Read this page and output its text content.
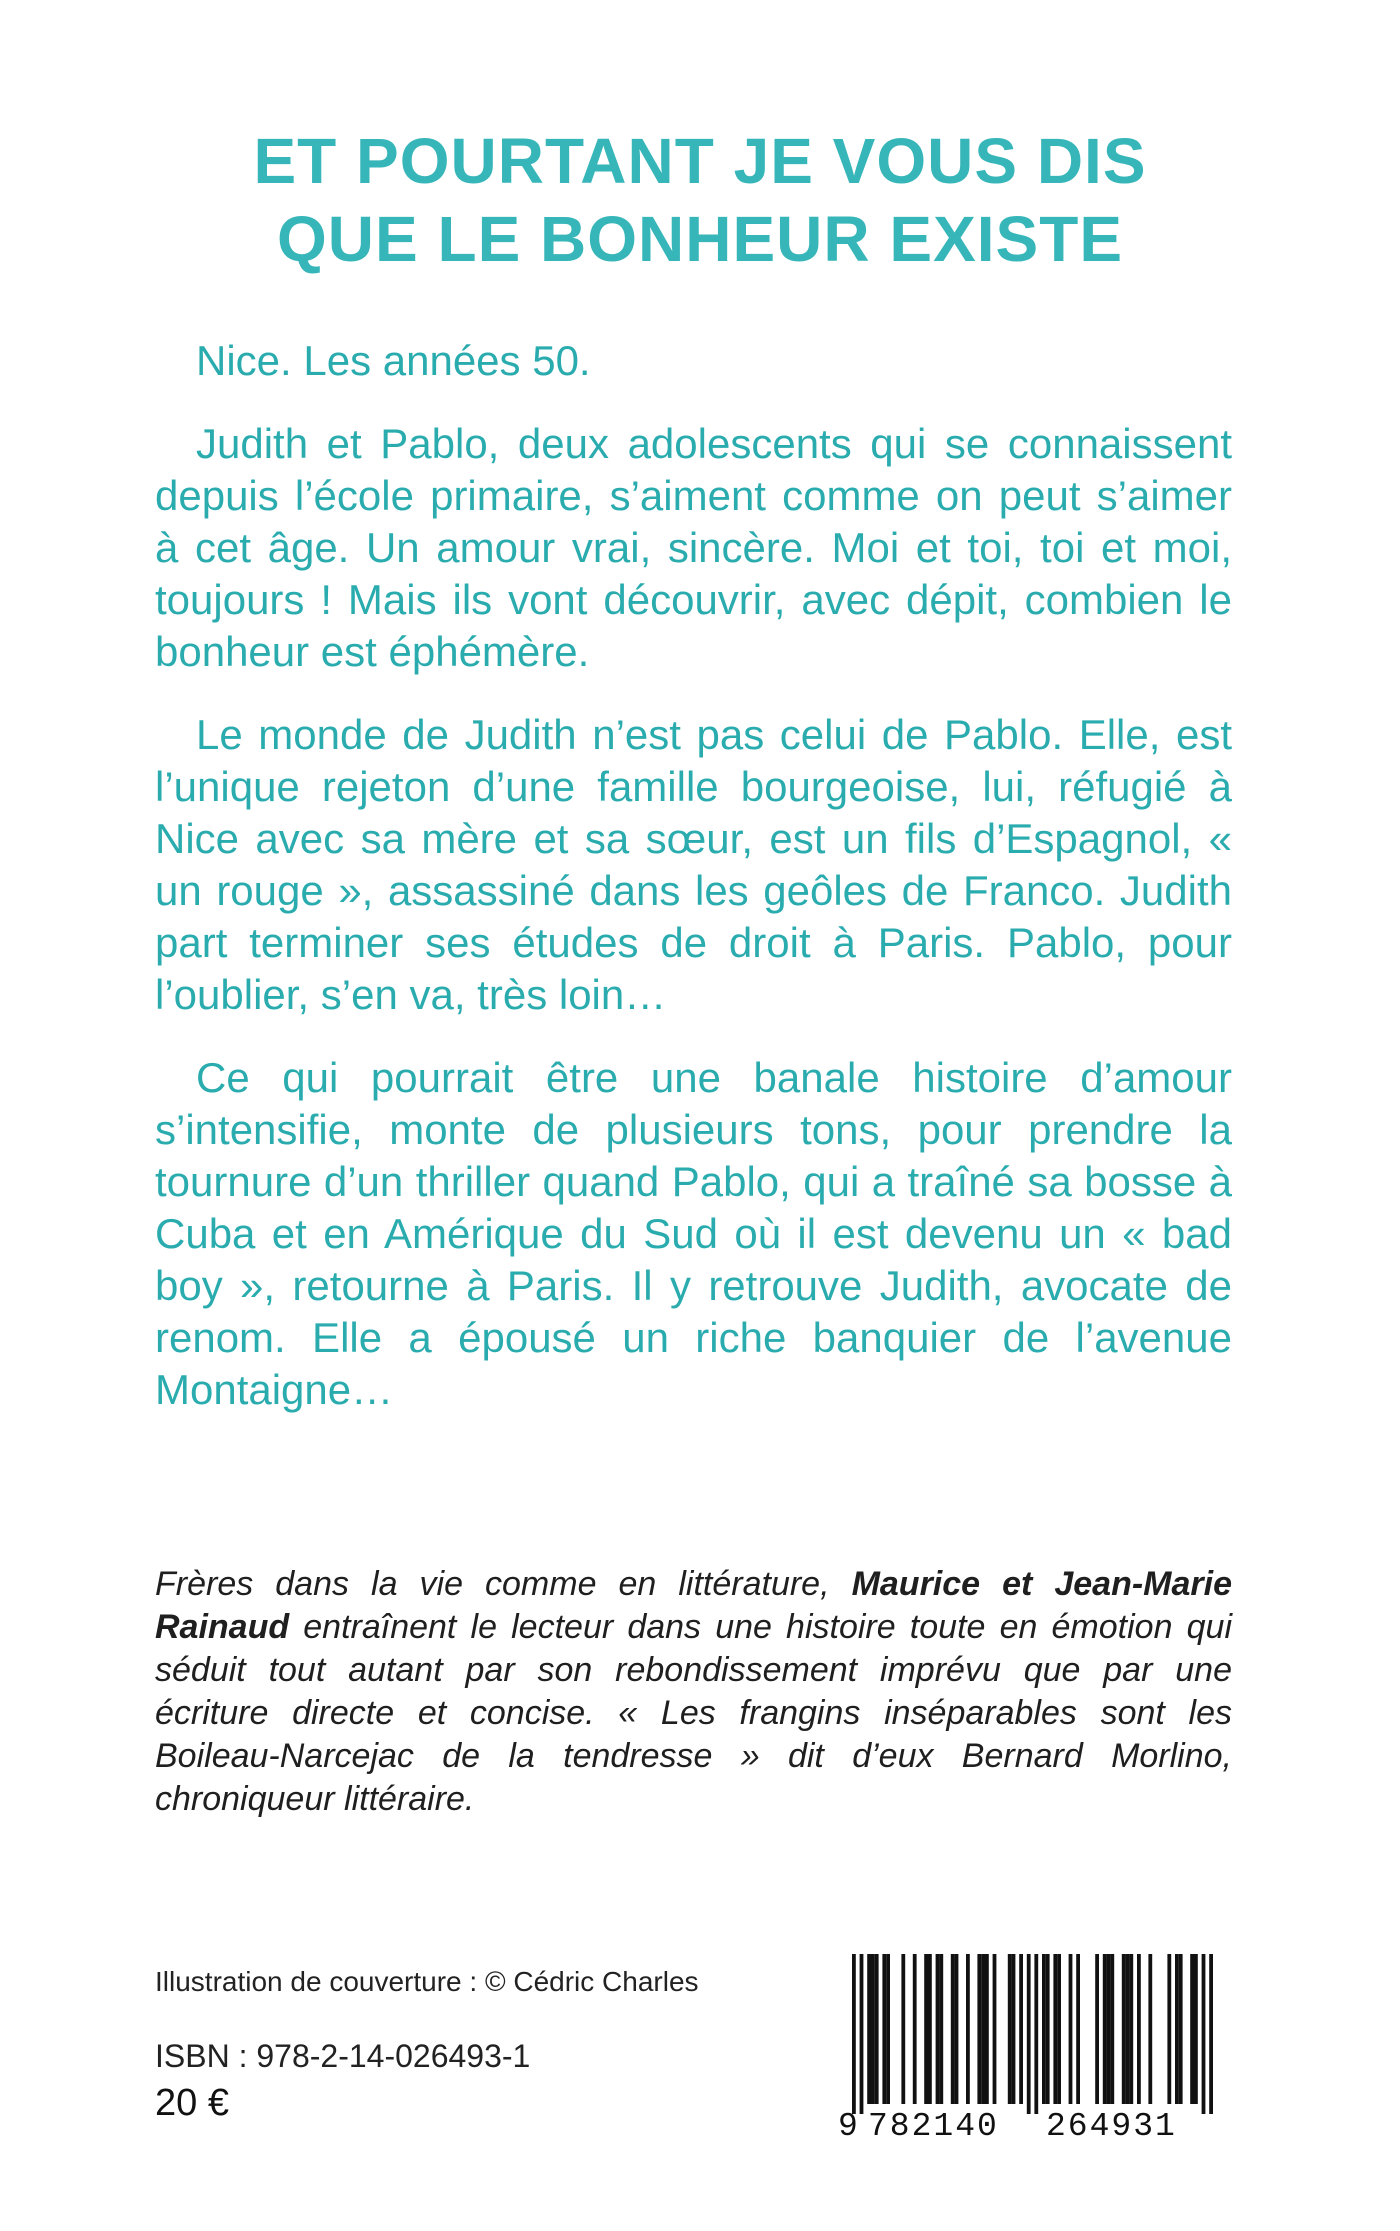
ET POURTANT JE VOUS DIS
QUE LE BONHEUR EXISTE

Nice. Les années 50.

Judith et Pablo, deux adolescents qui se connaissent depuis l’école primaire, s’aiment comme on peut s’aimer à cet âge. Un amour vrai, sincère. Moi et toi, toi et moi, toujours ! Mais ils vont découvrir, avec dépit, combien le bonheur est éphémère.

Le monde de Judith n’est pas celui de Pablo. Elle, est l’unique rejeton d’une famille bourgeoise, lui, réfugié à Nice avec sa mère et sa sœur, est un fils d’Espagnol, « un rouge », assassiné dans les geôles de Franco. Judith part terminer ses études de droit à Paris. Pablo, pour l’oublier, s’en va, très loin…

Ce qui pourrait être une banale histoire d’amour s’intensifie, monte de plusieurs tons, pour prendre la tournure d’un thriller quand Pablo, qui a traîné sa bosse à Cuba et en Amérique du Sud où il est devenu un « bad boy », retourne à Paris. Il y retrouve Judith, avocate de renom. Elle a épousé un riche banquier de l’avenue Montaigne…

Frères dans la vie comme en littérature, Maurice et Jean-Marie Rainaud entraînent le lecteur dans une histoire toute en émotion qui séduit tout autant par son rebondissement imprévu que par une écriture directe et concise. « Les frangins inséparables sont les Boileau-Narcejac de la tendresse » dit d’eux Bernard Morlino, chroniqueur littéraire.

Illustration de couverture : © Cédric Charles

ISBN : 978-2-14-026493-1

20 €

9 782140 264931
